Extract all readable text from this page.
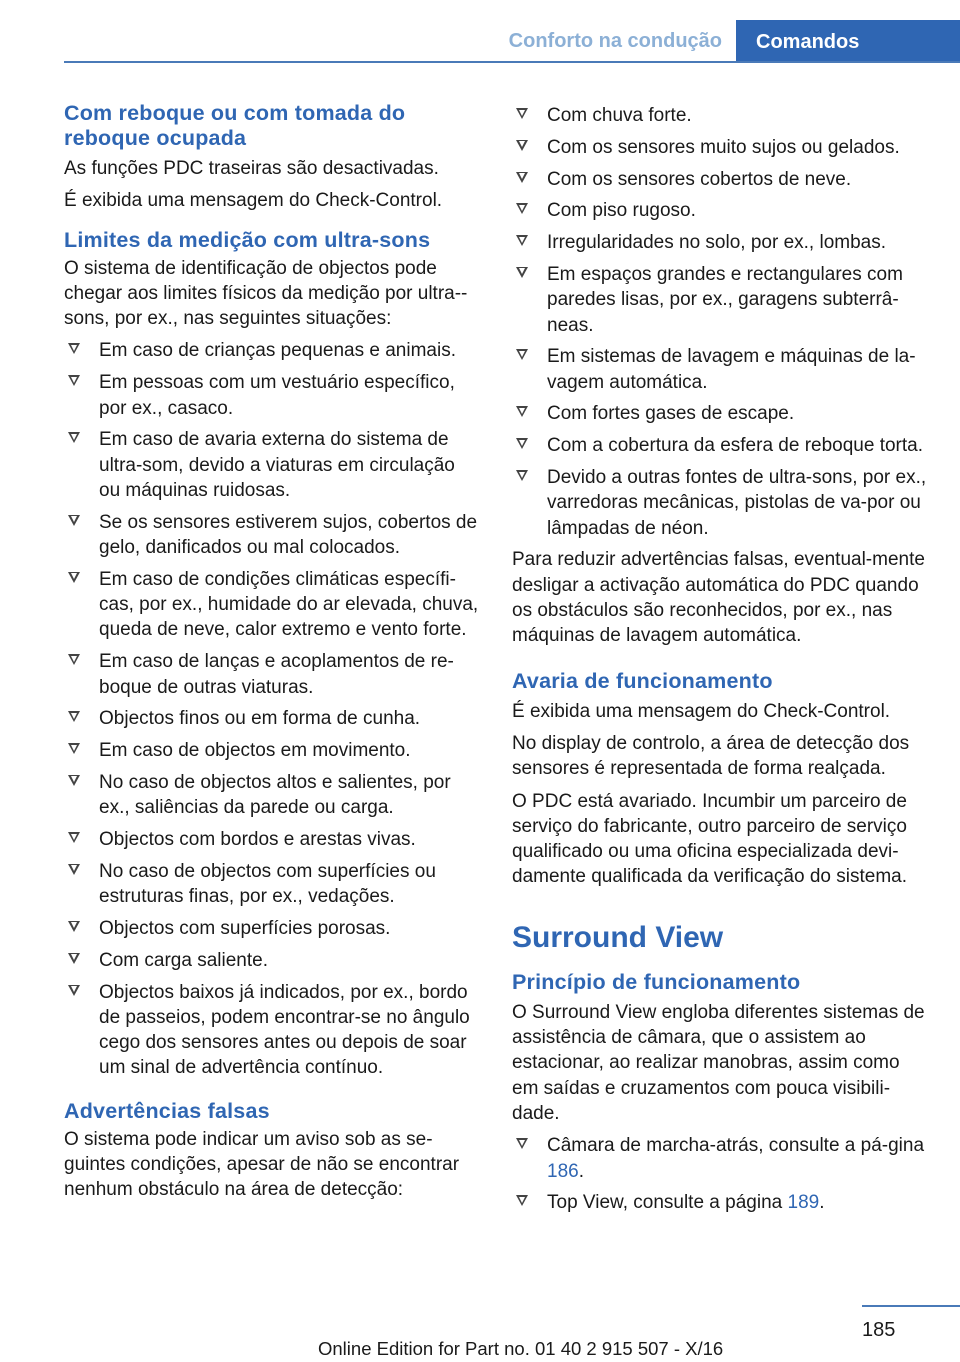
Conforto na condução	Comandos
Com reboque ou com tomada do reboque ocupada

As funções PDC traseiras são desactivadas.

É exibida uma mensagem do Check-Control.

Limites da medição com ultra-sons

O sistema de identificação de objectos pode chegar aos limites físicos da medição por ultra--sons, por ex., nas seguintes situações:

Em caso de crianças pequenas e animais.
Em pessoas com um vestuário específico, por ex., casaco.
Em caso de avaria externa do sistema de ultra-som, devido a viaturas em circulação ou máquinas ruidosas.
Se os sensores estiverem sujos, cobertos de gelo, danificados ou mal colocados.
Em caso de condições climáticas específi-cas, por ex., humidade do ar elevada, chuva, queda de neve, calor extremo e vento forte.
Em caso de lanças e acoplamentos de re-boque de outras viaturas.
Objectos finos ou em forma de cunha.
Em caso de objectos em movimento.
No caso de objectos altos e salientes, por ex., saliências da parede ou carga.
Objectos com bordos e arestas vivas.
No caso de objectos com superfícies ou estruturas finas, por ex., vedações.
Objectos com superfícies porosas.
Com carga saliente.
Objectos baixos já indicados, por ex., bordo de passeios, podem encontrar-se no ângulo cego dos sensores antes ou depois de soar um sinal de advertência contínuo.
Advertências falsas

O sistema pode indicar um aviso sob as se-guintes condições, apesar de não se encontrar nenhum obstáculo na área de detecção:

Com chuva forte.
Com os sensores muito sujos ou gelados.
Com os sensores cobertos de neve.
Com piso rugoso.
Irregularidades no solo, por ex., lombas.
Em espaços grandes e rectangulares com paredes lisas, por ex., garagens subterrâ-neas.
Em sistemas de lavagem e máquinas de la-vagem automática.
Com fortes gases de escape.
Com a cobertura da esfera de reboque torta.
Devido a outras fontes de ultra-sons, por ex., varredoras mecânicas, pistolas de va-por ou lâmpadas de néon.

Para reduzir advertências falsas, eventual-mente desligar a activação automática do PDC quando os obstáculos são reconhecidos, por ex., nas máquinas de lavagem automática.

Avaria de funcionamento

É exibida uma mensagem do Check-Control.

No display de controlo, a área de detecção dos sensores é representada de forma realçada.

O PDC está avariado. Incumbir um parceiro de serviço do fabricante, outro parceiro de serviço qualificado ou uma oficina especializada devi-damente qualificada da verificação do sistema.

Surround View
Princípio de funcionamento

O Surround View engloba diferentes sistemas de assistência de câmara, que o assistem ao estacionar, ao realizar manobras, assim como em saídas e cruzamentos com pouca visibili-dade.

Câmara de marcha-atrás, consulte a pá-gina 186.
Top View, consulte a página 189.
185
Online Edition for Part no. 01 40 2 915 507 - X/16
